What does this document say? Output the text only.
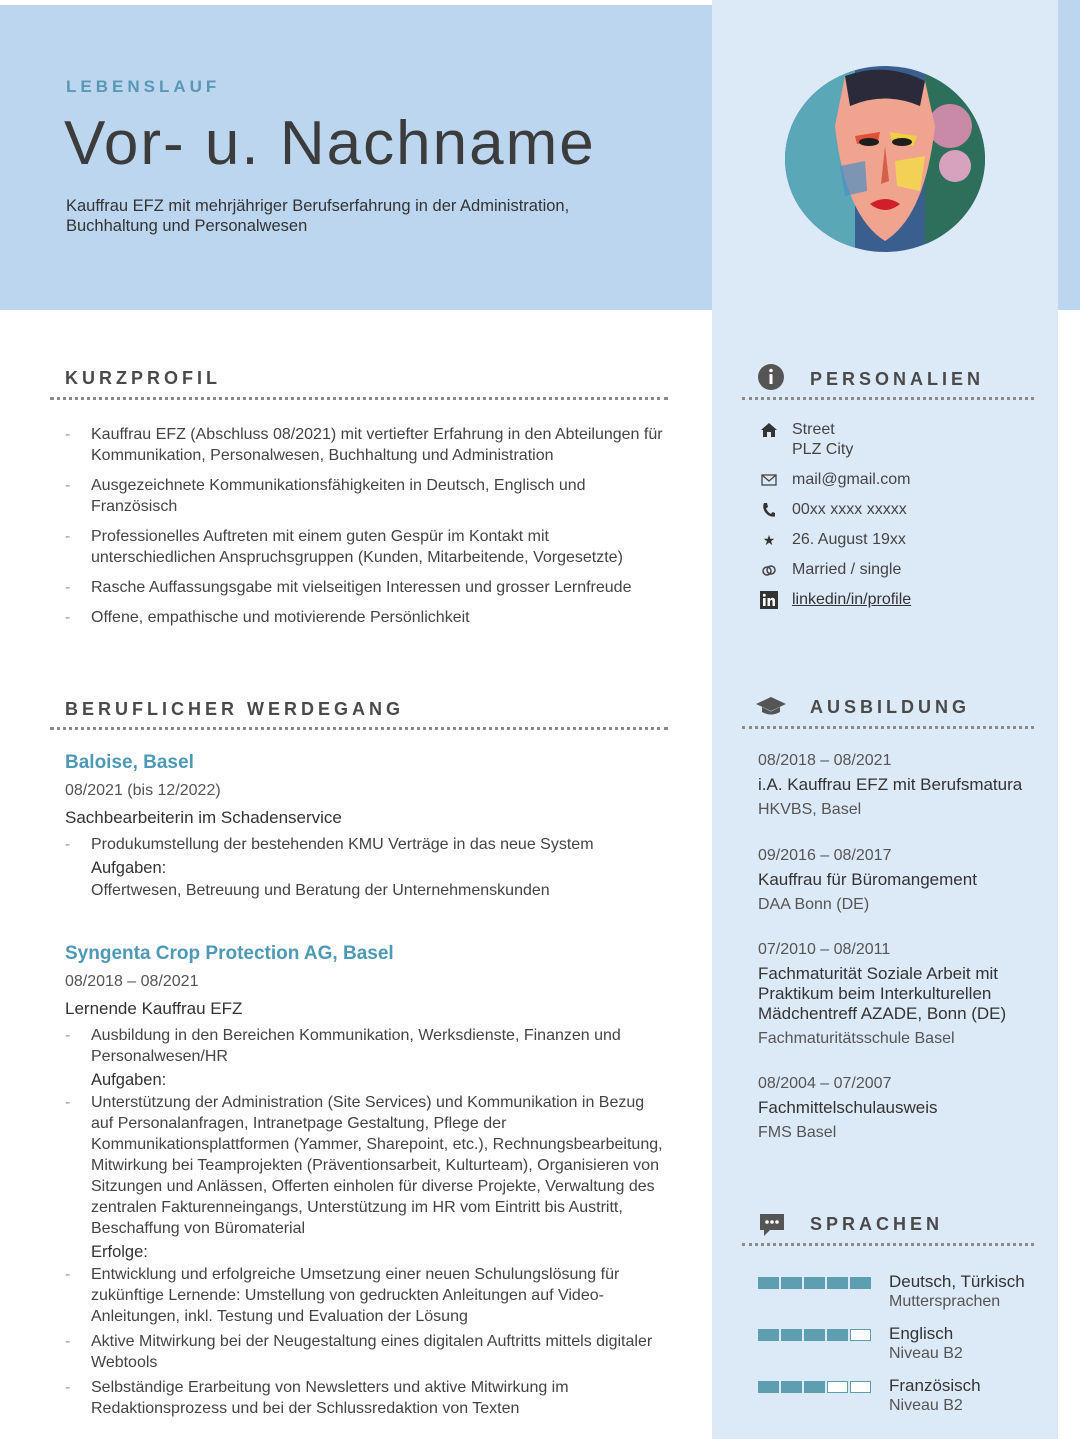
LEBENSLAUF
Vor- u. Nachname
Kauffrau EFZ mit mehrjähriger Berufserfahrung in der Administration, Buchhaltung und Personalwesen
KURZPROFIL
- Kauffrau EFZ (Abschluss 08/2021) mit vertiefter Erfahrung in den Abteilungen für Kommunikation, Personalwesen, Buchhaltung und Administration
- Ausgezeichnete Kommunikationsfähigkeiten in Deutsch, Englisch und Französisch
- Professionelles Auftreten mit einem guten Gespür im Kontakt mit unterschiedlichen Anspruchsgruppen (Kunden, Mitarbeitende, Vorgesetzte)
- Rasche Auffassungsgabe mit vielseitigen Interessen und grosser Lernfreude
- Offene, empathische und motivierende Persönlichkeit
BERUFLICHER WERDEGANG
Baloise, Basel
08/2021 (bis 12/2022)
Sachbearbeiterin im Schadenservice
- Produkumstellung der bestehenden KMU Verträge in das neue System
Aufgaben:
Offertwesen, Betreuung und Beratung der Unternehmenskunden
Syngenta Crop Protection AG, Basel
08/2018 – 08/2021
Lernende Kauffrau EFZ
- Ausbildung in den Bereichen Kommunikation, Werksdienste, Finanzen und Personalwesen/HR
Aufgaben:
- Unterstützung der Administration (Site Services) und Kommunikation in Bezug auf Personalanfragen, Intranetpage Gestaltung, Pflege der Kommunikationsplattformen (Yammer, Sharepoint, etc.), Rechnungsbearbeitung, Mitwirkung bei Teamprojekten (Präventionsarbeit, Kulturteam), Organisieren von Sitzungen und Anlässen, Offerten einholen für diverse Projekte, Verwaltung des zentralen Fakturenneingangs, Unterstützung im HR vom Eintritt bis Austritt, Beschaffung von Büromaterial
Erfolge:
- Entwicklung und erfolgreiche Umsetzung einer neuen Schulungslösung für zukünftige Lernende: Umstellung von gedruckten Anleitungen auf Video-Anleitungen, inkl. Testung und Evaluation der Lösung
- Aktive Mitwirkung bei der Neugestaltung eines digitalen Auftritts mittels digitaler Webtools
- Selbständige Erarbeitung von Newsletters und aktive Mitwirkung im Redaktionsprozess und bei der Schlussredaktion von Texten
PERSONALIEN
Street
PLZ City
mail@gmail.com
00xx xxxx xxxxx
★ 26. August 19xx
Married / single
linkedin/in/profile
AUSBILDUNG
08/2018 – 08/2021
i.A. Kauffrau EFZ mit Berufsmatura
HKVBS, Basel
09/2016 – 08/2017
Kauffrau für Büromangement
DAA Bonn (DE)
07/2010 – 08/2011
Fachmaturität Soziale Arbeit mit Praktikum beim Interkulturellen Mädchentreff AZADE, Bonn (DE)
Fachmaturitätsschule Basel
08/2004 – 07/2007
Fachmittelschulausweis
FMS Basel
SPRACHEN
Deutsch, Türkisch
Muttersprachen
Englisch
Niveau B2
Französisch
Niveau B2
